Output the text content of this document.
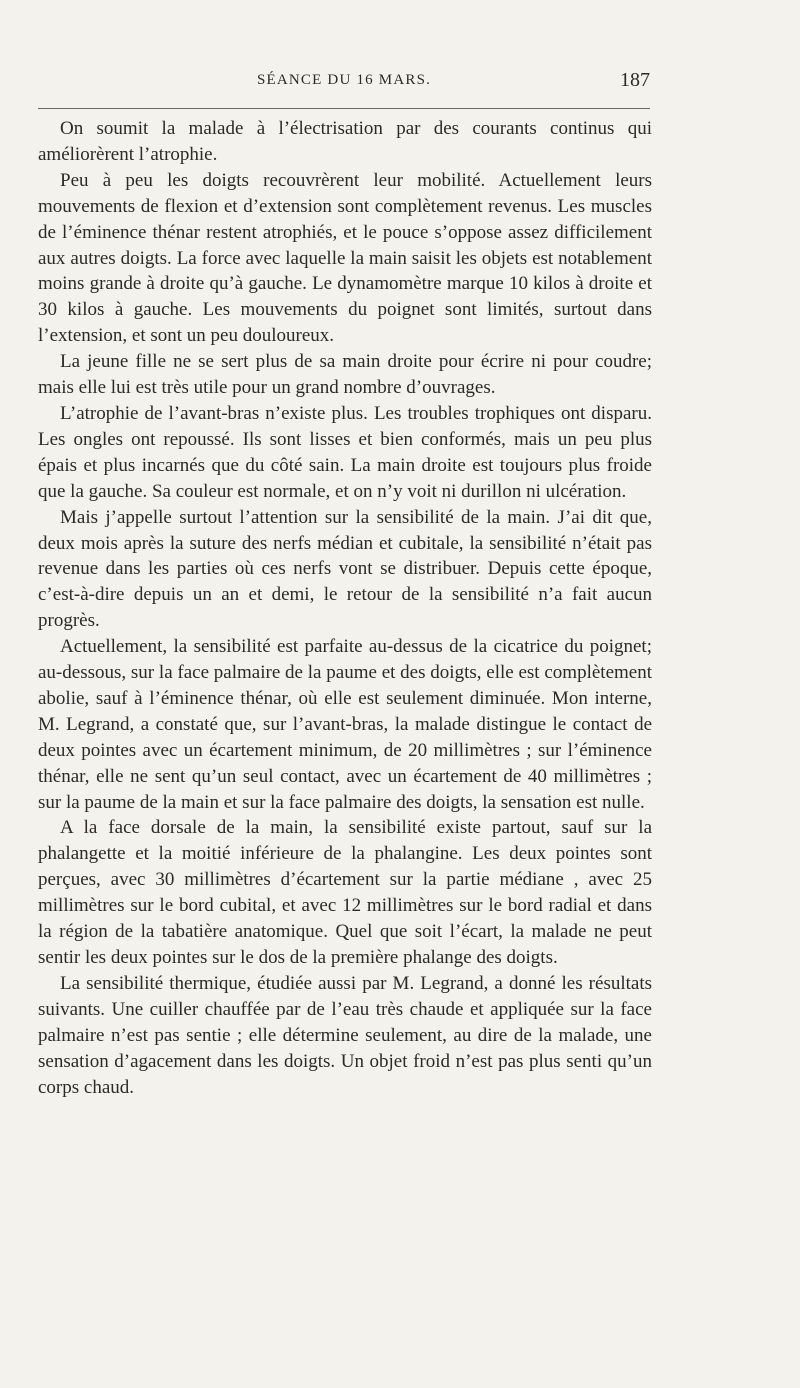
SÉANCE DU 16 MARS.	187

On soumit la malade à l’électrisation par des courants continus qui améliorèrent l’atrophie.

Peu à peu les doigts recouvrèrent leur mobilité. Actuellement leurs mouvements de flexion et d’extension sont complètement revenus. Les muscles de l’éminence thénar restent atrophiés, et le pouce s’oppose assez difficilement aux autres doigts. La force avec laquelle la main saisit les objets est notablement moins grande à droite qu’à gauche. Le dynamomètre marque 10 kilos à droite et 30 kilos à gauche. Les mouvements du poignet sont limités, surtout dans l’extension, et sont un peu douloureux.

La jeune fille ne se sert plus de sa main droite pour écrire ni pour coudre; mais elle lui est très utile pour un grand nombre d’ouvrages.

L’atrophie de l’avant-bras n’existe plus. Les troubles trophiques ont disparu. Les ongles ont repoussé. Ils sont lisses et bien conformés, mais un peu plus épais et plus incarnés que du côté sain. La main droite est toujours plus froide que la gauche. Sa couleur est normale, et on n’y voit ni durillon ni ulcération.

Mais j’appelle surtout l’attention sur la sensibilité de la main. J’ai dit que, deux mois après la suture des nerfs médian et cubitale, la sensibilité n’était pas revenue dans les parties où ces nerfs vont se distribuer. Depuis cette époque, c’est-à-dire depuis un an et demi, le retour de la sensibilité n’a fait aucun progrès.

Actuellement, la sensibilité est parfaite au-dessus de la cicatrice du poignet; au-dessous, sur la face palmaire de la paume et des doigts, elle est complètement abolie, sauf à l’éminence thénar, où elle est seulement diminuée. Mon interne, M. Legrand, a constaté que, sur l’avant-bras, la malade distingue le contact de deux pointes avec un écartement minimum, de 20 millimètres ; sur l’éminence thénar, elle ne sent qu’un seul contact, avec un écartement de 40 millimètres ; sur la paume de la main et sur la face palmaire des doigts, la sensation est nulle.

A la face dorsale de la main, la sensibilité existe partout, sauf sur la phalangette et la moitié inférieure de la phalangine. Les deux pointes sont perçues, avec 30 millimètres d’écartement sur la partie médiane , avec 25 millimètres sur le bord cubital, et avec 12 millimètres sur le bord radial et dans la région de la tabatière anatomique. Quel que soit l’écart, la malade ne peut sentir les deux pointes sur le dos de la première phalange des doigts.

La sensibilité thermique, étudiée aussi par M. Legrand, a donné les résultats suivants. Une cuiller chauffée par de l’eau très chaude et appliquée sur la face palmaire n’est pas sentie ; elle détermine seulement, au dire de la malade, une sensation d’agacement dans les doigts. Un objet froid n’est pas plus senti qu’un corps chaud.
